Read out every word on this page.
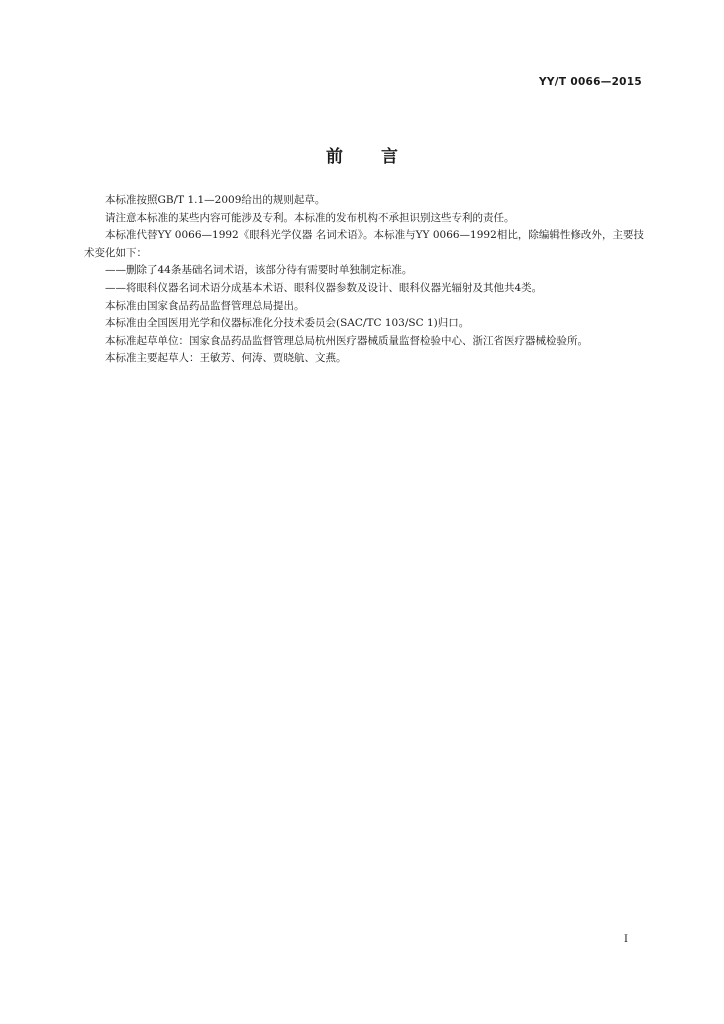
YY/T 0066—2015
前言

本标准按照GB/T 1.1—2009给出的规则起草。

请注意本标准的某些内容可能涉及专利。本标准的发布机构不承担识别这些专利的责任。

本标准代替YY 0066—1992《眼科光学仪器 名词术语》。本标准与YY 0066—1992相比，除编辑性修改外，主要技术变化如下：

——删除了44条基础名词术语，该部分待有需要时单独制定标准。

——将眼科仪器名词术语分成基本术语、眼科仪器参数及设计、眼科仪器光辐射及其他共4类。

本标准由国家食品药品监督管理总局提出。

本标准由全国医用光学和仪器标准化分技术委员会(SAC/TC 103/SC 1)归口。

本标准起草单位：国家食品药品监督管理总局杭州医疗器械质量监督检验中心、浙江省医疗器械检验所。

本标准主要起草人：王敏芳、何涛、贾晓航、文燕。

I
